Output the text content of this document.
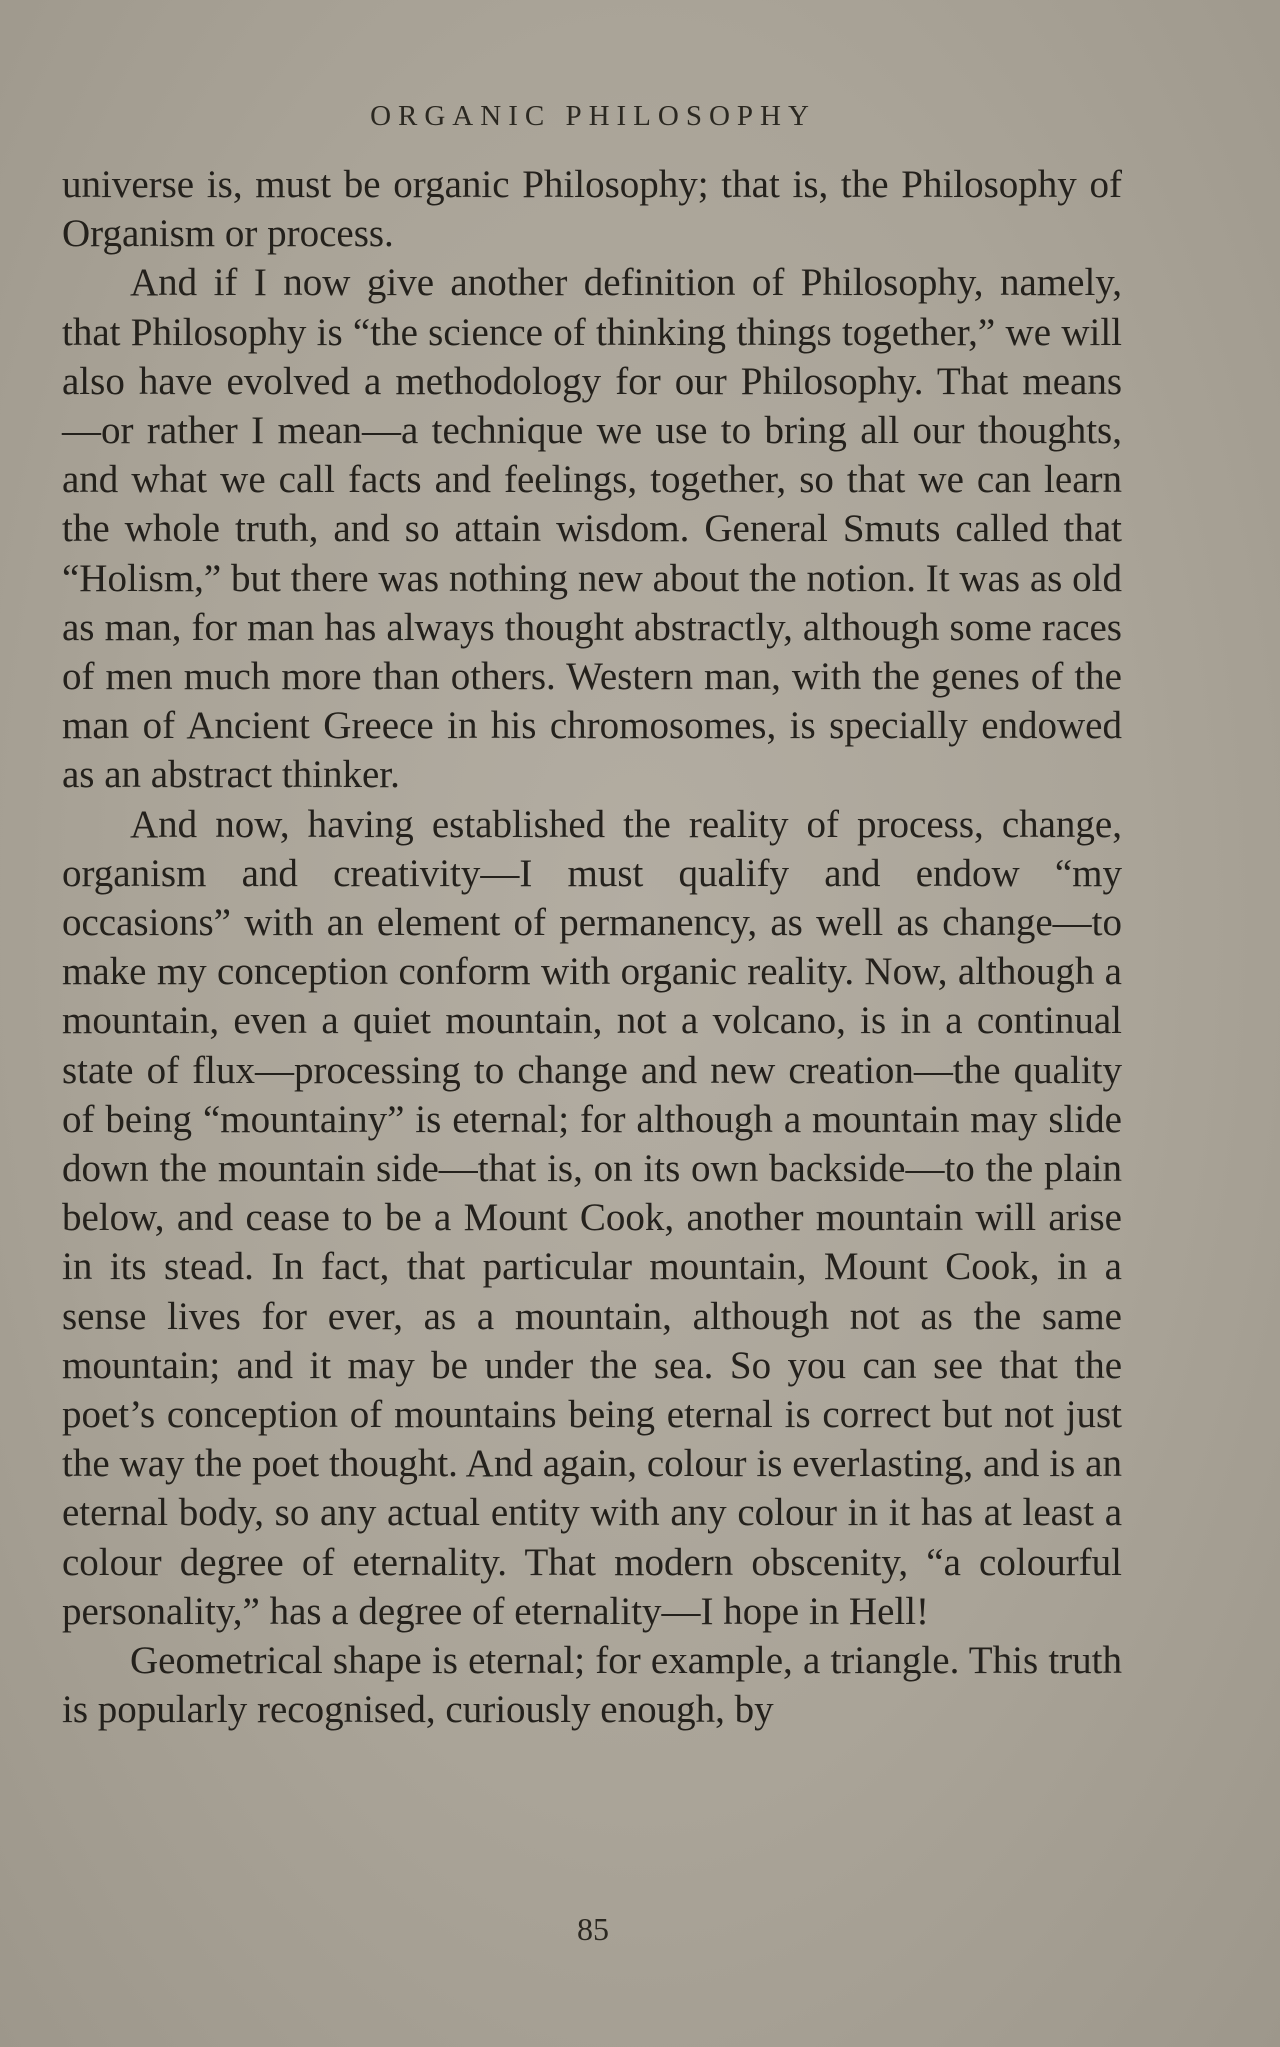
ORGANIC PHILOSOPHY

universe is, must be organic Philosophy; that is, the Philosophy of Organism or process.

And if I now give another definition of Philosophy, namely, that Philosophy is “the science of thinking things together,” we will also have evolved a methodology for our Philosophy. That means—or rather I mean—a technique we use to bring all our thoughts, and what we call facts and feelings, together, so that we can learn the whole truth, and so attain wisdom. General Smuts called that “Holism,” but there was nothing new about the notion. It was as old as man, for man has always thought abstractly, although some races of men much more than others. Western man, with the genes of the man of Ancient Greece in his chromosomes, is specially endowed as an abstract thinker.

And now, having established the reality of process, change, organism and creativity—I must qualify and endow “my occasions” with an element of permanency, as well as change—to make my conception conform with organic reality. Now, although a mountain, even a quiet mountain, not a volcano, is in a continual state of flux—processing to change and new creation—the quality of being “mountainy” is eternal; for although a mountain may slide down the mountain side—that is, on its own backside—to the plain below, and cease to be a Mount Cook, another mountain will arise in its stead. In fact, that particular mountain, Mount Cook, in a sense lives for ever, as a mountain, although not as the same mountain; and it may be under the sea. So you can see that the poet’s conception of mountains being eternal is correct but not just the way the poet thought. And again, colour is everlasting, and is an eternal body, so any actual entity with any colour in it has at least a colour degree of eternality. That modern obscenity, “a colourful personality,” has a degree of eternality—I hope in Hell!

Geometrical shape is eternal; for example, a triangle. This truth is popularly recognised, curiously enough, by

85
